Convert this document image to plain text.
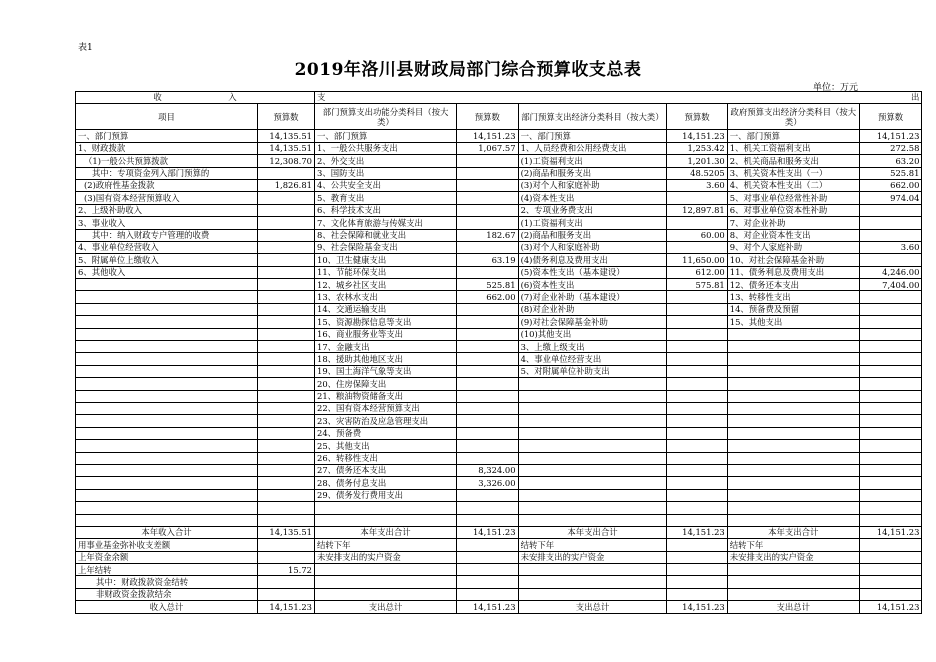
表1
2019年洛川县财政局部门综合预算收支总表
单位：万元
收                         入		支                                                                                                                                                                                                                            出					
项目	预算数	部门预算支出功能分类科目（按大类）	预算数	部门预算支出经济分类科目（按大类）	预算数	政府预算支出经济分类科目（按大类）	预算数
一、部门预算	14,135.51	一、部门预算	14,151.23	一、部门预算	14,151.23	一、部门预算	14,151.23
1、财政拨款	14,135.51	1、一般公共服务支出	1,067.57	1、人员经费和公用经费支出	1,253.42	1、机关工资福利支出	272.58
（1)一般公共预算拨款	12,308.70	2、外交支出		(1)工资福利支出	1,201.30	2、机关商品和服务支出	63.20
其中：专项资金列入部门预算的		3、国防支出		(2)商品和服务支出	48.5205	3、机关资本性支出（一）	525.81
(2)政府性基金拨款	1,826.81	4、公共安全支出		(3)对个人和家庭补助	3.60	4、机关资本性支出（二）	662.00
(3)国有资本经营预算收入		5、教育支出		(4)资本性支出		5、对事业单位经常性补助	974.04
2、上级补助收入		6、科学技术支出		2、专项业务费支出	12,897.81	6、对事业单位资本性补助	
3、事业收入		7、文化体育旅游与传媒支出		(1)工资福利支出		7、对企业补助	
其中：纳入财政专户管理的收费		8、社会保障和就业支出	182.67	(2)商品和服务支出	60.00	8、对企业资本性支出	
4、事业单位经营收入		9、社会保险基金支出		(3)对个人和家庭补助		9、对个人家庭补助	3.60
5、附属单位上缴收入		10、卫生健康支出	63.19	(4)债务利息及费用支出	11,650.00	10、对社会保障基金补助	
6、其他收入		11、节能环保支出		(5)资本性支出（基本建设）	612.00	11、债务利息及费用支出	4,246.00
		12、城乡社区支出	525.81	(6)资本性支出	575.81	12、债务还本支出	7,404.00
		13、农林水支出	662.00	(7)对企业补助（基本建设）		13、转移性支出	
		14、交通运输支出		(8)对企业补助		14、预备费及预留	
		15、资源勘探信息等支出		(9)对社会保障基金补助		15、其他支出	
		16、商业服务业等支出		(10)其他支出			
		17、金融支出		3、上缴上级支出			
		18、援助其他地区支出		4、事业单位经营支出			
		19、国土海洋气象等支出		5、对附属单位补助支出			
		20、住房保障支出					
		21、粮油物资储备支出					
		22、国有资本经营预算支出					
		23、灾害防治及应急管理支出					
		24、预备费					
		25、其他支出					
		26、转移性支出					
		27、债务还本支出	8,324.00				
		28、债务付息支出	3,326.00				
		29、债务发行费用支出					

本年收入合计	14,135.51	本年支出合计	14,151.23	本年支出合计	14,151.23	本年支出合计	14,151.23
用事业基金弥补收支差额		结转下年		结转下年		结转下年	
上年资金余额		未安排支出的实户资金		未安排支出的实户资金		未安排支出的实户资金	
上年结转	15.72						
其中：财政拨款资金结转							
非财政资金拨款结余							
收入总计	14,151.23	支出总计	14,151.23	支出总计	14,151.23	支出总计	14,151.23
